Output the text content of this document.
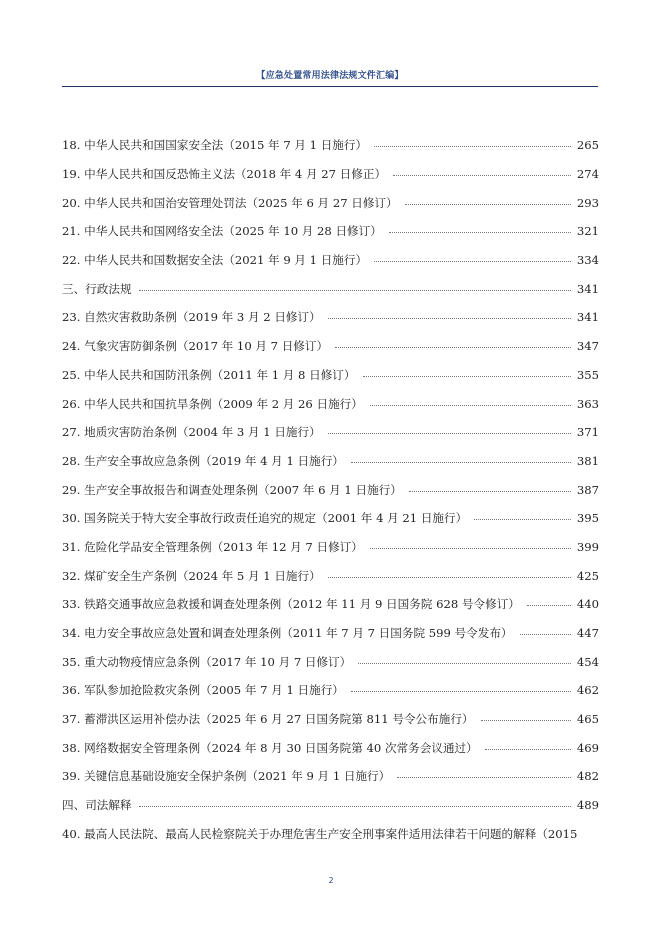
【应急处置常用法律法规文件汇编】
18. 中华人民共和国国家安全法（2015 年 7 月 1 日施行）	265
19. 中华人民共和国反恐怖主义法（2018 年 4 月 27 日修正）	274
20. 中华人民共和国治安管理处罚法（2025 年 6 月 27 日修订）	293
21. 中华人民共和国网络安全法（2025 年 10 月 28 日修订）	321
22. 中华人民共和国数据安全法（2021 年 9 月 1 日施行）	334
三、行政法规	341
23. 自然灾害救助条例（2019 年 3 月 2 日修订）	341
24. 气象灾害防御条例（2017 年 10 月 7 日修订）	347
25. 中华人民共和国防汛条例（2011 年 1 月 8 日修订）	355
26. 中华人民共和国抗旱条例（2009 年 2 月 26 日施行）	363
27. 地质灾害防治条例（2004 年 3 月 1 日施行）	371
28. 生产安全事故应急条例（2019 年 4 月 1 日施行）	381
29. 生产安全事故报告和调查处理条例（2007 年 6 月 1 日施行）	387
30. 国务院关于特大安全事故行政责任追究的规定（2001 年 4 月 21 日施行）	395
31. 危险化学品安全管理条例（2013 年 12 月 7 日修订）	399
32. 煤矿安全生产条例（2024 年 5 月 1 日施行）	425
33. 铁路交通事故应急救援和调查处理条例（2012 年 11 月 9 日国务院 628 号令修订）	440
34. 电力安全事故应急处置和调查处理条例（2011 年 7 月 7 日国务院 599 号令发布）	447
35. 重大动物疫情应急条例（2017 年 10 月 7 日修订）	454
36. 军队参加抢险救灾条例（2005 年 7 月 1 日施行）	462
37. 蓄滞洪区运用补偿办法（2025 年 6 月 27 日国务院第 811 号令公布施行）	465
38. 网络数据安全管理条例（2024 年 8 月 30 日国务院第 40 次常务会议通过）	469
39. 关键信息基础设施安全保护条例（2021 年 9 月 1 日施行）	482
四、司法解释	489
40. 最高人民法院、最高人民检察院关于办理危害生产安全刑事案件适用法律若干问题的解释（2015
2
